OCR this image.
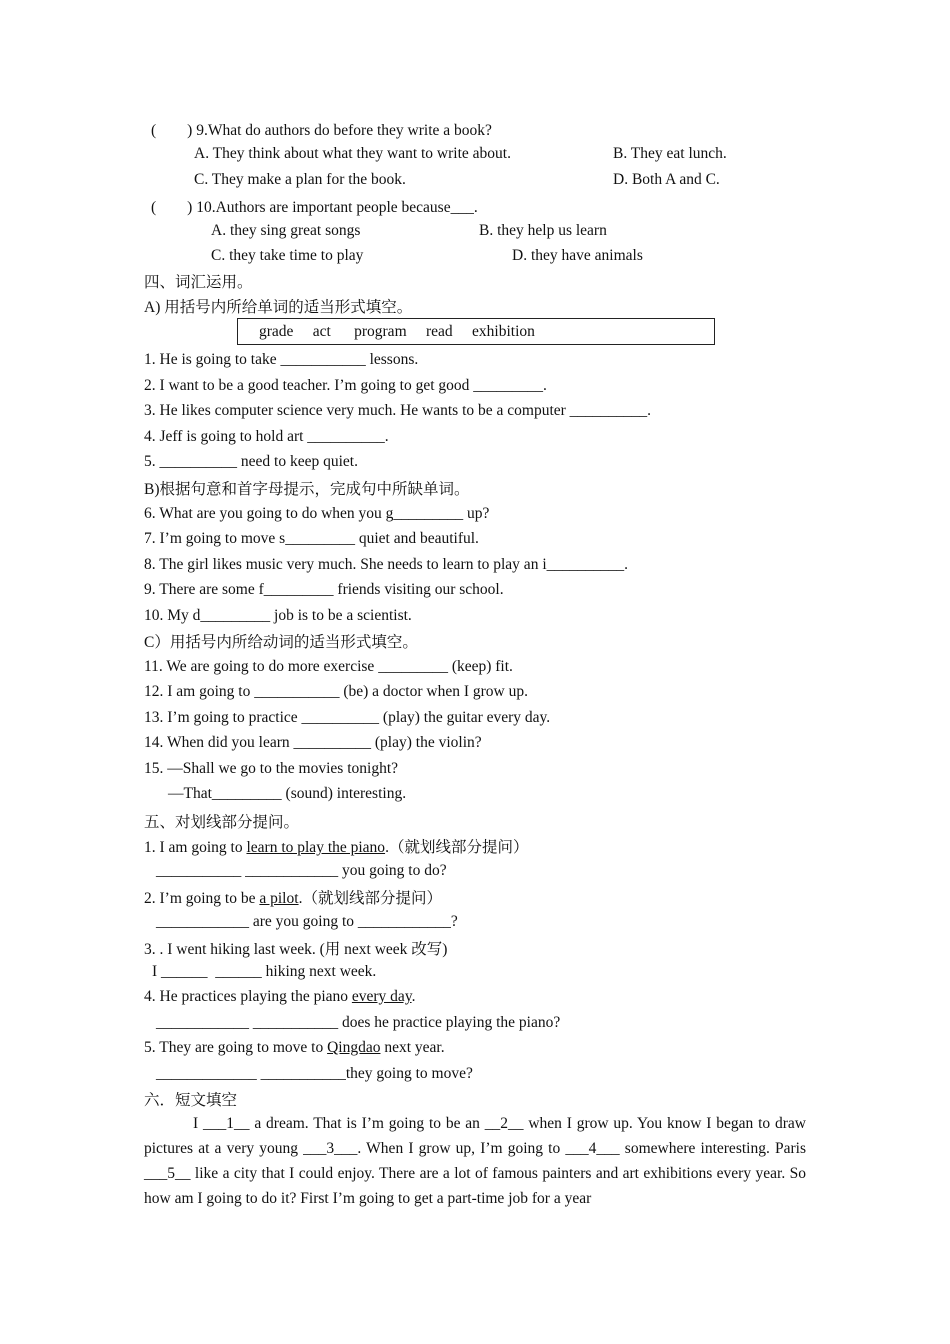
(        ) 9.What do authors do before they write a book?
A. They think about what they want to write about.	B. They eat lunch.
C. They make a plan for the book.	D. Both A and C.
(        ) 10.Authors are important people because___.
A. they sing great songs	B. they help us learn
C. they take time to play	D. they have animals
四、词汇运用。
A) 用括号内所给单词的适当形式填空。
grade     act      program     read     exhibition
1. He is going to take ___________ lessons.
2. I want to be a good teacher. I’m going to get good _________.
3. He likes computer science very much. He wants to be a computer __________.
4. Jeff is going to hold art __________.
5. __________ need to keep quiet.
B)根据句意和首字母提示，完成句中所缺单词。
6. What are you going to do when you g_________ up?
7. I’m going to move s_________ quiet and beautiful.
8. The girl likes music very much. She needs to learn to play an i__________.
9. There are some f_________ friends visiting our school.
10. My d_________ job is to be a scientist.
C）用括号内所给动词的适当形式填空。
11. We are going to do more exercise _________ (keep) fit.
12. I am going to ___________ (be) a doctor when I grow up.
13. I’m going to practice __________ (play) the guitar every day.
14. When did you learn __________ (play) the violin?
15. —Shall we go to the movies tonight?
—That_________ (sound) interesting.
五、对划线部分提问。
1. I am going to learn to play the piano.（就划线部分提问）
___________ ____________ you going to do?
2. I’m going to be a pilot.（就划线部分提问）
____________ are you going to ____________?
3. . I went hiking last week. (用 next week 改写)
I ______  ______ hiking next week.
4. He practices playing the piano every day.
____________ ___________ does he practice playing the piano?
5. They are going to move to Qingdao next year.
_____________ ___________they going to move?
六．短文填空
I ___1__ a dream. That is I’m going to be an __2__ when I grow up. You know I began to draw pictures at a very young ___3___. When I grow up, I’m going to ___4___ somewhere interesting. Paris ___5__ like a city that I could enjoy. There are a lot of famous painters and art exhibitions every year. So how am I going to do it? First I’m going to get a part-time job for a year
